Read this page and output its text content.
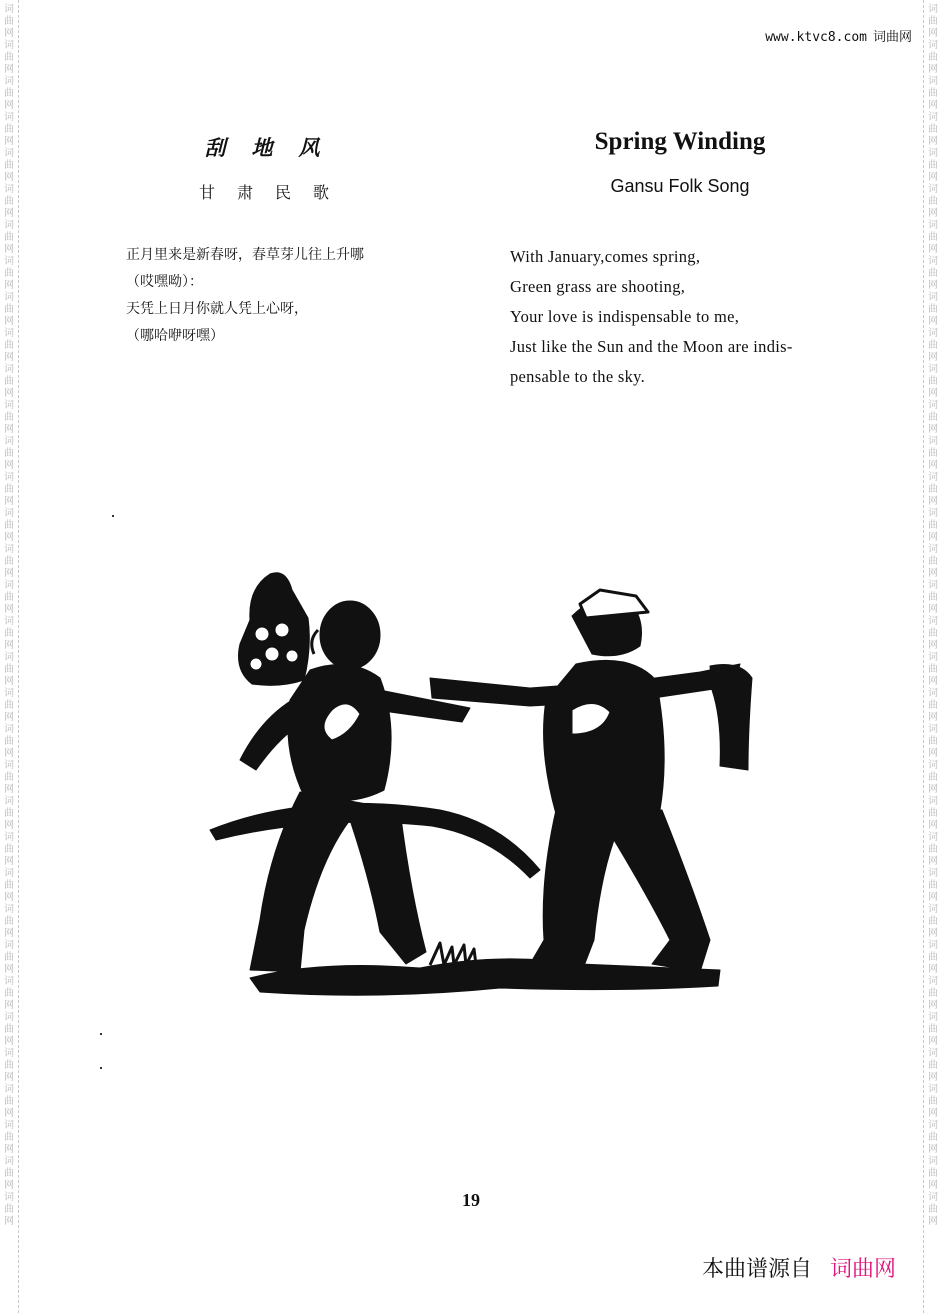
词曲网词曲网词曲网词曲网词曲网词曲网词曲网词曲网词曲网词曲网词曲网词曲网词曲网词曲网词曲网词曲网词曲网词曲网词曲网词曲网词曲网词曲网词曲网词曲网词曲网词曲网词曲网词曲网词曲网词曲网词曲网词曲网词曲网词曲网
词曲网词曲网词曲网词曲网词曲网词曲网词曲网词曲网词曲网词曲网词曲网词曲网词曲网词曲网词曲网词曲网词曲网词曲网词曲网词曲网词曲网词曲网词曲网词曲网词曲网词曲网词曲网词曲网词曲网词曲网词曲网词曲网词曲网词曲网
www.ktvc8.com 词曲网
刮地风
甘肃民歌
Spring Winding
Gansu Folk Song
正月里来是新春呀，春草芽儿往上升哪
（哎嘿呦）：
天凭上日月你就人凭上心呀，
（哪哈咿呀嘿）
With January,comes spring,
Green grass are shooting,
Your love is indispensable to me,
Just like the Sun and the Moon are indis-
pensable to the sky.
19
本曲谱源自 词曲网
